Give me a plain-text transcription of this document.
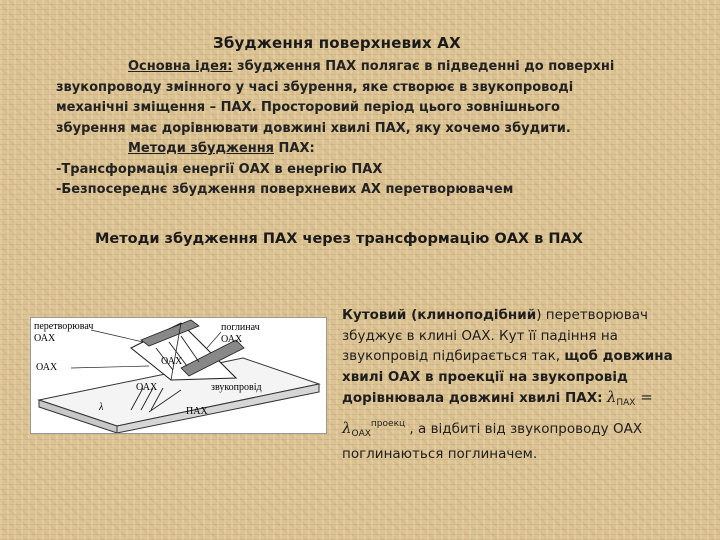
Збудження поверхневих АХ

Основна ідея: збудження ПАХ полягає в підведенні до поверхні

звукопроводу змінного у часі збурення, яке створює в звукопроводі

механічні зміщення – ПАХ. Просторовий період цього зовнішнього

збурення має дорівнювати довжині хвилі ПАХ, яку хочемо збудити.

Методи збудження ПАХ:

-Трансформація енергії ОАХ в енергію ПАХ

-Безпосереднє збудження поверхневих АХ перетворювачем

Методи збудження ПАХ через трансформацію ОАХ в ПАХ
перетворювач
ОАХ
поглинач
ОАХ
ОАХ
ОАХ
ОАХ	звукопровід
λ	ПАХ
Кутовий (клиноподібний) перетворювач збуджує в клині ОАХ. Кут її падіння на звукопровід підбирається так, щоб довжина хвилі ОАХ в проекції на звукопровід дорівнювала довжині хвилі ПАХ: $\lambda_{ПАХ} = \lambda_{ОАХ}^{проекц}$ , а відбиті від звукопроводу ОАХ поглинаються поглиначем.
